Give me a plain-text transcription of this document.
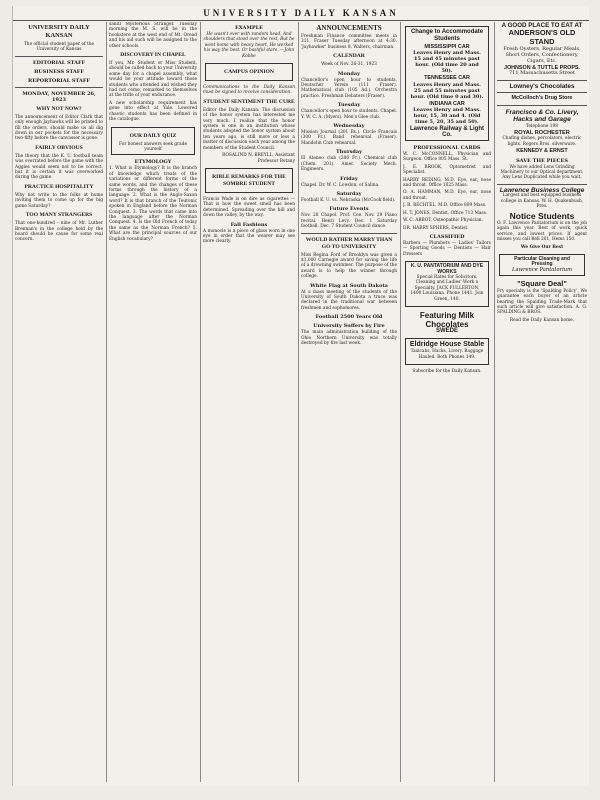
UNIVERSITY DAILY KANSAN
UNIVERSITY DAILY KANSAN
The official student paper of the University of Kansas
EDITORIAL STAFF
BUSINESS STAFF
REPORTORIAL STAFF
MONDAY, NOVEMBER 26, 1923
WHY NOT NOW?

The announcement of Editor Clark that only enough Jayhawks will be printed to fill the orders, should make us all dig down in our pockets for the necessary two-fifty before the canvasser is gone.

FAIRLY OBVIOUS

The theory that the K. U. football team was overrated before the game with the Aggies would seem not to be correct, but it is certain it was overworked during the game.

PRACTICE HOSPITALITY

Why not write to the folks at home inviting them to come up for the big game Saturday?

TOO MANY STRANGERS

That one-hundred - nine of Mr. Luther Brennan's in the college held by the board should be cause for some real concern.

sanitl Mysterious Stranger. Tuesday morning the M. S. will be in the bookstore at the west end of Mt. Oread and his aid such will be assigned to the other schools.

DISCOVERY IN CHAPEL

If you, Mr. Student or Miss Student, should be called back to your University some day for a chapel assembly, what would be your attitude toward those students who attended and wished they had not come, remarked to themselves at the trifle of your endurance.

A new scholarship requirement has gone into effect at Yale. Lowered chaotic students has been defined in the catalogue.

OUR DAILY QUIZ
For honest answers seek grade yourself
ETYMOLOGY

1. What is Etymology? It is the branch of knowledge which treats of the variations or different forms of the same words, and the changes of these forms through the history of a language. 2. What is the Anglo-Saxon word? It is that branch of the Teutonic spoken in England before the Norman Conquest. 3. The words that came into the language after the Norman Conquest. 4. Is the Old French of today the same as the Norman French? 5. What are the principal sources of our English vocabulary?

EXAMPLE

He wasn't over with random head, And shoulders that stood over the rest, But he went home with heavy heart, He worked his way the best. Or bashful stare. —John Kobbe

CAMPUS OPINION

Communications to the Daily Kansan must be signed to receive consideration.

STUDENT SENTIMENT THE CURE

Editor the Daily Kansan: The discussion of the honor system has interested me very much. I realize that the honor system is one in an institution whose students adopted the honor system about ten years ago, is still more or less a matter of discussion each year among the members of the Student Council.

ROSALIND N. BREYLL, Assistant Professor Botany

RIBLE REMARKS FOR THE SOMBRE STUDENT

Francis Wade is on dire as cigarettes — That is how the sweet smell has been determined. Spreading over the hill and down the valley, by the way.

Fall Fashions

A monocle is a piece of glass worn in one eye in order that the wearer may see more clearly.

ANNOUNCEMENTS

Freshman Finance committee meets in 311, Fraser Tuesday afternoon at 4:30. 'Jayhawker' business 8. Walters, chairman.

CALENDAR
Week of Nov. 26-31, 1923
Monday

Chancellor's open hour to students. Deutscher Verein (111 Fraser). Mathematical club (105 Ad.). Orchestra practice. Freshman Debaters (Fraser).

Tuesday

Chancellor's open hour to students. Chapel. Y. W. C. A. (Myers). Men's Glee club.

Wednesday

Mission Journal (301 Bs.). Circle Francais (300 Fr.). Band rehearsal (Fraser). Mandolin Club rehearsal.

Thursday

El Ateneo club (206 Fr.). Chemical club (Chem. 201). Amer. Society Mech. Engineers.

Friday

Chapel. Dr. W. C. Lowdon, of Salina.

Saturday

Football K. U. vs. Nebraska (McCook field).

Future Events

Nov. 28 Chapel. Prof. Coe. Nov. 29 Piano recital. Henri Levy. Dec. 1 Saturday football. Dec. 7 Student Council dance.

WOULD RATHER MARRY THAN GO TO UNIVERSITY

Miss Regina Ford of Brooklyn was given a $1,000 Carnegie award for saving the life of a drowning swimmer. The purpose of the award is to help the winner through college.

White Flag at South Dakota

At a mass meeting of the students of the University of South Dakota a truce was declared in the traditional war between freshmen and sophomores.

Football 2500 Years Old
University Suffers by Fire

The main administration building of the Ohio Northern University was totally destroyed by fire last week.

Change to Accommodate Students
MISSISSIPPI CAR
Leaves Henry and Mass. 15 and 45 minutes past hour. (Old time 20 and 50).
TENNESSEE CAR
Leaves Henry and Mass. 25 and 55 minutes past hour. (Old time 0 and 30).
INDIANA CAR
Leaves Henry and Mass. hour, 15, 30 and 4. (Old time 5, 20, 35 and 50).
Lawrence Railway & Light Co.
PROFESSIONAL CARDS

W. C. McCONNELL, Physician and Surgeon. Office 805 Mass. St.

J. E. BROOK, Optometrist and Specialist.

HARRY REDING, M.D. Eye, ear, nose and throat. Office 1025 Mass.

O. A. HAMMAN, M.D. Eye, ear, nose and throat.

J. R. BECHTEL, M.D. Office 809 Mass.

H. T. JONES, Dentist. Office 713 Mass.

W. C. ABBOT, Osteopathic Physician.

DR. HARRY SPHERS, Dentist.

CLASSIFIED

Barbers — Plumbers — Ladies' Tailors — Sporting Goods — Dentists — Hair Dressers

K. U. PANTATORIUM AND DYE WORKS

Special Rates for Solicitors. Cleaning and Ladies' Work a Specialty. JACK FULLERTON, 1400 Louisiana. Phone 1441. Join Green, 140.

Featuring Milk Chocolates
SWEDE
Eldridge House Stable

Taxicabs, Hacks, Livery. Baggage Hauled. Both Phones 149.

Subscribe for the Daily Kansan.
A GOOD PLACE TO EAT AT
ANDERSON'S OLD STAND

Fresh Oysters, Regular Meals, Short Orders, Confectionery, Cigars, Etc.

JOHNSON & TUTTLE PROPS.
711 Massachusetts Street
Lowney's Chocolates
McColloch's Drug Store
Francisco & Co. Livery, Hacks and Garage
Telephone 198
ROYAL ROCHESTER

Chafing dishes, percolators, electric lights. Rogers Bros. silverware.

KENNEDY & ERNST
SAVE THE PIECES

We have added Lens Grinding Machinery to our Optical department. Any Lens Duplicated while you wait.

Lawrence Business College

Largest and best equipped business college in Kansas. W. H. Quakenbush, Pres.

Notice Students

O. F. Lawrence Pantatorium is on the job again this year. Best of work, quick service, and lowest prices. If agent misses you call Bell 201, Hems 150.

We Give Our Best
Particular Cleaning and Pressing
Lawrence Pantatorium
"Square Deal"

Fry specialty is the 'Spalding Policy'. We guarantee each buyer of an article bearing the Spalding Trade-Mark that such article will give satisfaction. A. G. SPALDING & BROS.

Read the Daily Kansan home.
